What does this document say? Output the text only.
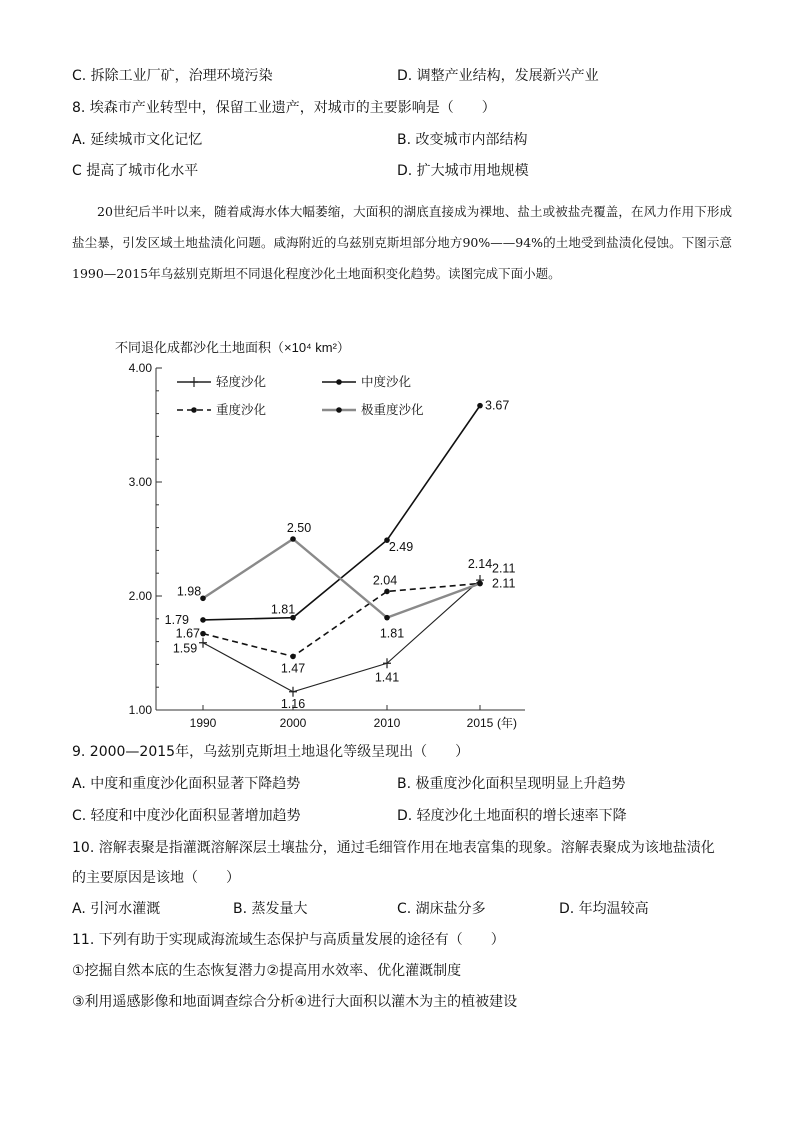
C. 拆除工业厂矿，治理环境污染	D. 调整产业结构，发展新兴产业
8. 埃森市产业转型中，保留工业遗产，对城市的主要影响是（　　）
A. 延续城市文化记忆	B. 改变城市内部结构
C 提高了城市化水平	D. 扩大城市用地规模

20世纪后半叶以来，随着咸海水体大幅萎缩，大面积的湖底直接成为裸地、盐土或被盐壳覆盖，在风力作用下形成盐尘暴，引发区域土地盐渍化问题。咸海附近的乌兹别克斯坦部分地方90%——94%的土地受到盐渍化侵蚀。下图示意1990—2015年乌兹别克斯坦不同退化程度沙化土地面积变化趋势。读图完成下面小题。

不同退化成都沙化土地面积（×10⁴ km²）
1.00
2.00
3.00
4.00
1990	2000	2010	2015 (年)
1.59
1.16
1.41
2.14
1.79
1.81
2.49
3.67
1.67
1.47
2.04	2.11
1.98
2.50
1.81
2.11
轻度沙化	中度沙化
重度沙化	极重度沙化
9. 2000—2015年，乌兹别克斯坦土地退化等级呈现出（　　）
A. 中度和重度沙化面积显著下降趋势	B. 极重度沙化面积呈现明显上升趋势
C. 轻度和中度沙化面积显著增加趋势	D. 轻度沙化土地面积的增长速率下降
10. 溶解表聚是指灌溉溶解深层土壤盐分，通过毛细管作用在地表富集的现象。溶解表聚成为该地盐渍化
的主要原因是该地（　　）
A. 引河水灌溉	B. 蒸发量大	C. 湖床盐分多	D. 年均温较高
11. 下列有助于实现咸海流域生态保护与高质量发展的途径有（　　）
①挖掘自然本底的生态恢复潜力②提高用水效率、优化灌溉制度
③利用遥感影像和地面调查综合分析④进行大面积以灌木为主的植被建设
